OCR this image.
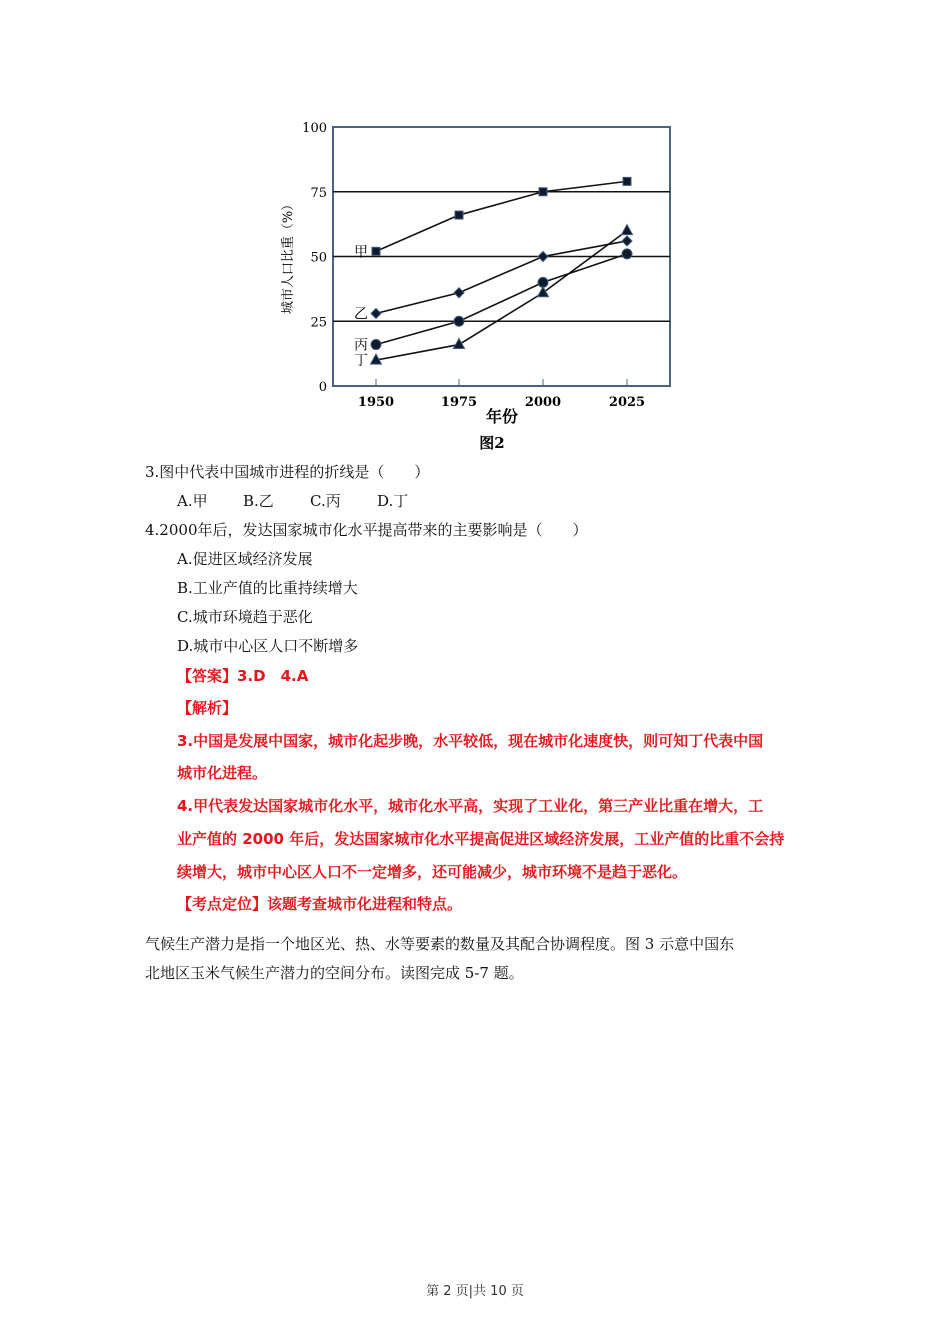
0
25
50
75
100
1950	1975	2000	2025
甲
乙
丙
丁
城市人口比重（%）
年份
图2
3.图中代表中国城市进程的折线是（　　）
A.甲 B.乙 C.丙 D.丁
4.2000年后，发达国家城市化水平提高带来的主要影响是（　　）
A.促进区域经济发展
B.工业产值的比重持续增大
C.城市环境趋于恶化
D.城市中心区人口不断增多
【答案】3.D　4.A
【解析】
3.中国是发展中国家，城市化起步晚，水平较低，现在城市化速度快，则可知丁代表中国
城市化进程。
4.甲代表发达国家城市化水平，城市化水平高，实现了工业化，第三产业比重在增大，工
业产值的 2000 年后，发达国家城市化水平提高促进区域经济发展，工业产值的比重不会持
续增大，城市中心区人口不一定增多，还可能减少，城市环境不是趋于恶化。
【考点定位】该题考查城市化进程和特点。
气候生产潜力是指一个地区光、热、水等要素的数量及其配合协调程度。图 3 示意中国东
北地区玉米气候生产潜力的空间分布。读图完成 5-7 题。
第 2 页|共 10 页
